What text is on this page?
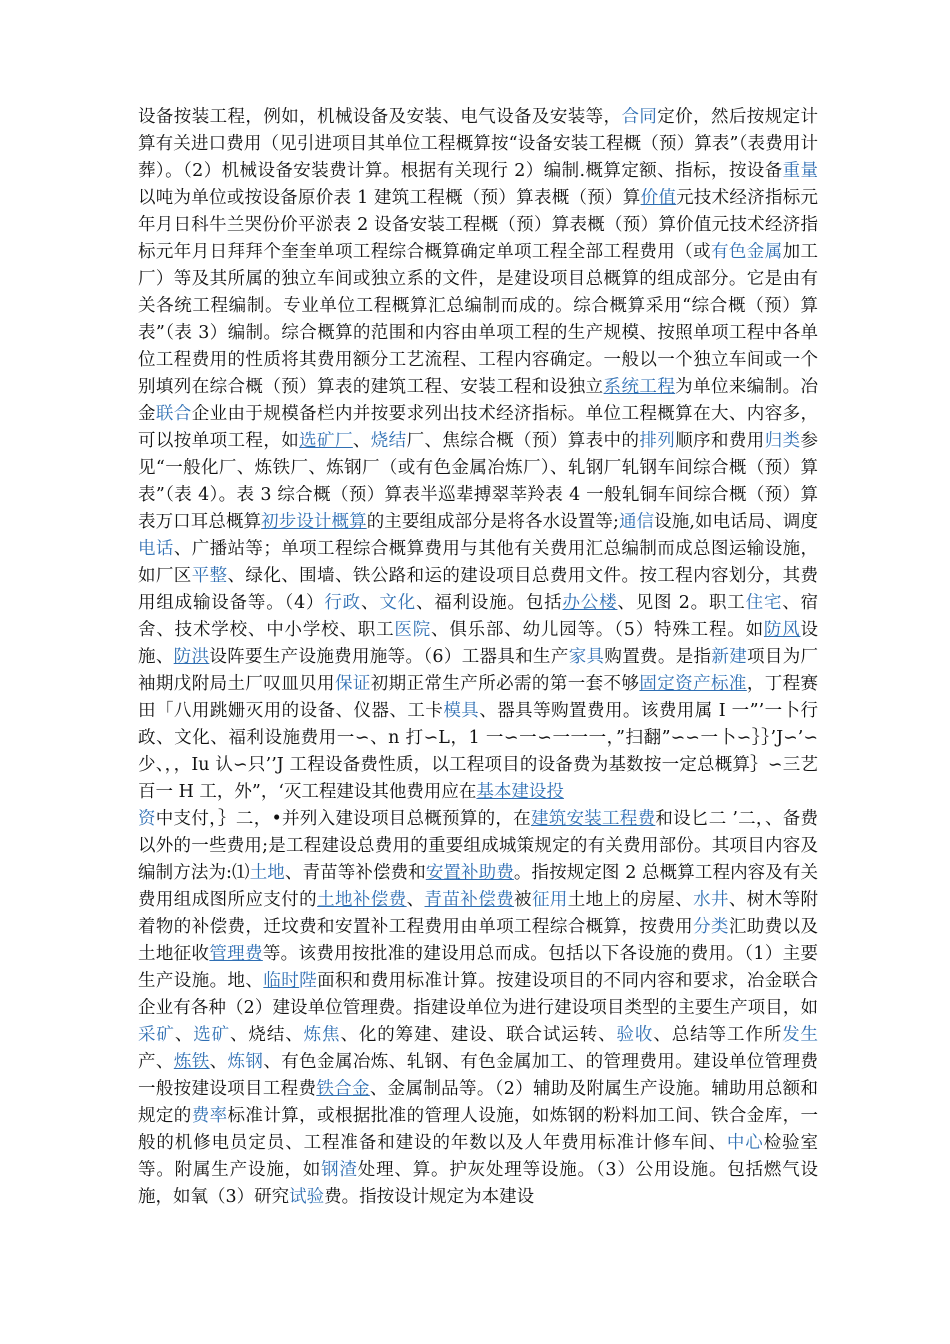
设备按装工程，例如，机械设备及安装、电气设备及安装等，合同定价，然后按规定计算有关进口费用（见引进项目其单位工程概算按“设备安装工程概（预）算表”（表费用计葬）。（2）机械设备安装费计算。根据有关现行 2）编制.概算定额、指标，按设备重量以吨为单位或按设备原价表 1 建筑工程概（预）算表概（预）算价值元技术经济指标元年月日科牛兰哭份价平淤表 2 设备安装工程概（预）算表概（预）算价值元技术经济指标元年月日拜拜个奎奎单项工程综合概算确定单项工程全部工程费用（或有色金属加工厂）等及其所属的独立车间或独立系的文件，是建设项目总概算的组成部分。它是由有关各统工程编制。专业单位工程概算汇总编制而成的。综合概算采用“综合概（预）算表”（表 3）编制。综合概算的范围和内容由单项工程的生产规模、按照单项工程中各单位工程费用的性质将其费用额分工艺流程、工程内容确定。一般以一个独立车间或一个别填列在综合概（预）算表的建筑工程、安装工程和设独立系统工程为单位来编制。冶金联合企业由于规模备栏内并按要求列出技术经济指标。单位工程概算在大、内容多，可以按单项工程，如选矿厂、烧结厂、焦综合概（预）算表中的排列顺序和费用归类参见“一般化厂、炼铁厂、炼钢厂（或有色金属冶炼厂）、轧钢厂轧钢车间综合概（预）算表”（表 4）。表 3 综合概（预）算表半巡辈搏翠莘羚表 4 一般轧铜车间综合概（预）算表万口耳总概算初步设计概算的主要组成部分是将各水设置等;通信设施,如电话局、调度电话、广播站等；单项工程综合概算费用与其他有关费用汇总编制而成总图运输设施，如厂区平整、绿化、围墙、铁公路和运的建设项目总费用文件。按工程内容划分，其费用组成输设备等。（4）行政、文化、福利设施。包括办公楼、见图 2。职工住宅、宿舍、技术学校、中小学校、职工医院、俱乐部、幼儿园等。（5）特殊工程。如防风设施、防洪设阵要生产设施费用施等。（6）工器具和生产家具购置费。是指新建项目为厂袖期戊附局土厂叹皿贝用保证初期正常生产所必需的第一套不够固定资产标准，丁程赛田「八用跳姗灭用的设备、仪器、工卡模具、器具等购置费用。该费用属 I 一”’一卜行政、文化、福利设施费用一∽、n 打∽L，1 一∽一∽一一一，”扫翻”∽∽一卜∽｝｝’J∽’∽少、，，Iu 认∽只’’J 工程设备费性质，以工程项目的设备费为基数按一定总概算｝∽三艺百一 H 工，外”，‘灭工程建设其他费用应在基本建设投

资中支付，｝二，•并列入建设项目总概预算的，在建筑安装工程费和设匕二 ’二，、备费以外的一些费用;是工程建设总费用的重要组成城策规定的有关费用部份。其项目内容及编制方法为:⑴土地、青苗等补偿费和安置补助费。指按规定图 2 总概算工程内容及有关费用组成图所应支付的土地补偿费、青苗补偿费被征用土地上的房屋、水井、树木等附着物的补偿费，迁坟费和安置补工程费用由单项工程综合概算，按费用分类汇助费以及土地征收管理费等。该费用按批准的建设用总而成。包括以下各设施的费用。（1）主要生产设施。地、临时陛面积和费用标准计算。按建设项目的不同内容和要求，冶金联合企业有各种（2）建设单位管理费。指建设单位为进行建设项目类型的主要生产项目，如采矿、选矿、烧结、炼焦、化的筹建、建设、联合试运转、验收、总结等工作所发生产、炼铁、炼钢、有色金属冶炼、轧钢、有色金属加工、的管理费用。建设单位管理费一般按建设项目工程费铁合金、金属制品等。（2）辅助及附属生产设施。辅助用总额和规定的费率标准计算，或根据批准的管理人设施，如炼钢的粉料加工间、铁合金库，一般的机修电员定员、工程准备和建设的年数以及人年费用标准计修车间、中心检验室等。附属生产设施，如钢渣处理、算。护灰处理等设施。（3）公用设施。包括燃气设施，如氧（3）研究试验费。指按设计规定为本建设
